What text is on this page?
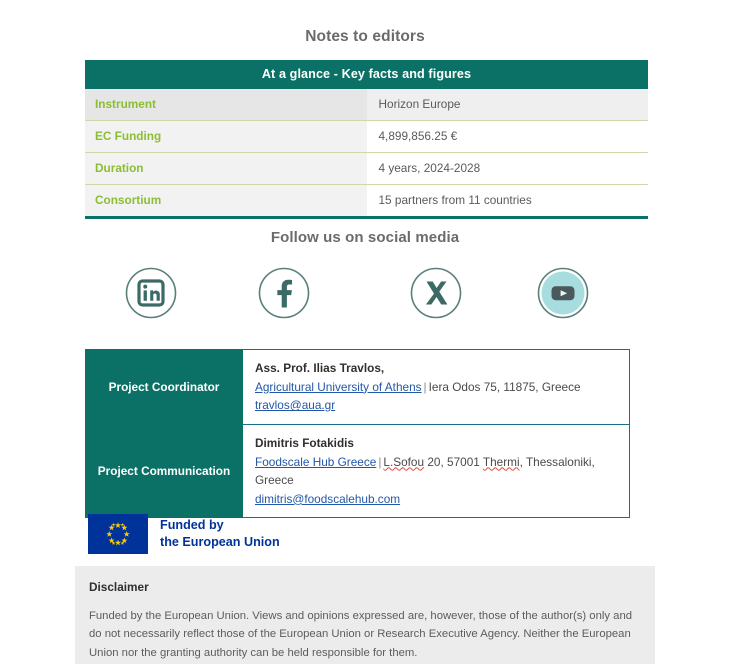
Notes to editors
At a glance - Key facts and figures	
Instrument	Horizon Europe
EC Funding	4,899,856.25 €
Duration	4 years, 2024-2028
Consortium	15 partners from 11 countries
Follow us on social media
Project Coordinator	Ass. Prof. Ilias Travlos,
Agricultural University of Athens | Iera Odos 75, 11875, Greece
travlos@aua.gr

Project Communication	Dimitris Fotakidis
Foodscale Hub Greece | L.Sofou 20, 57001 Thermi, Thessaloniki, Greece
dimitris@foodscalehub.com
Funded by
the European Union
Disclaimer
Funded by the European Union. Views and opinions expressed are, however, those of the author(s) only and do not necessarily reflect those of the European Union or Research Executive Agency. Neither the European Union nor the granting authority can be held responsible for them.
